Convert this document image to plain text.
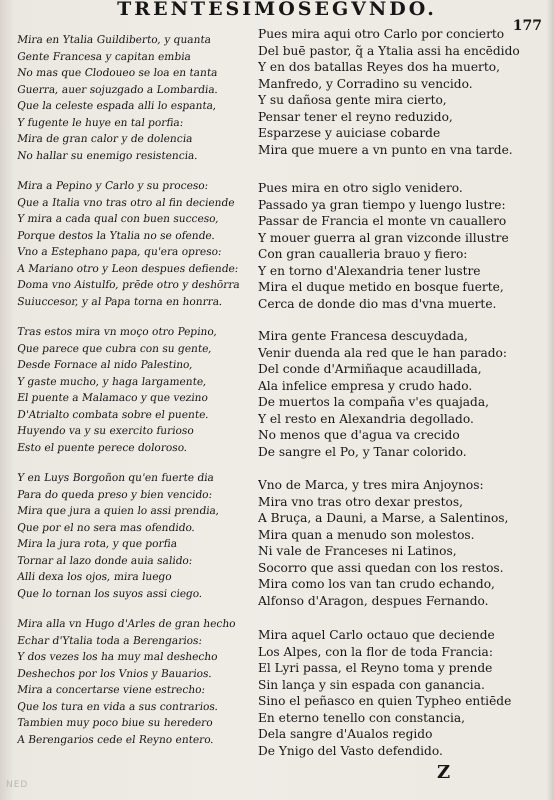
TRENTESIMOSEGVNDO.
177
Mira en Ytalia Guildiberto, y quanta
Gente Francesa y capitan embia
No mas que Clodoueo se loa en tanta
Guerra, auer sojuzgado a Lombardia.
Que la celeste espada alli lo espanta,
Y fugente le huye en tal porfia:
Mira de gran calor y de dolencia
No hallar su enemigo resistencia.
Mira a Pepino y Carlo y su proceso:
Que a Italia vno tras otro al fin deciende
Y mira a cada qual con buen succeso,
Porque destos la Ytalia no se ofende.
Vno a Estephano papa, qu'era opreso:
A Mariano otro y Leon despues defiende:
Doma vno Aistulfo, prēde otro y deshōrra
Suiuccesor, y al Papa torna en honrra.
Tras estos mira vn moço otro Pepino,
Que parece que cubra con su gente,
Desde Fornace al nido Palestino,
Y gaste mucho, y haga largamente,
El puente a Malamaco y que vezino
D'Atrialto combata sobre el puente.
Huyendo va y su exercito furioso
Esto el puente perece doloroso.
Y en Luys Borgoñon qu'en fuerte dia
Para do queda preso y bien vencido:
Mira que jura a quien lo assi prendia,
Que por el no sera mas ofendido.
Mira la jura rota, y que porfia
Tornar al lazo donde auia salido:
Alli dexa los ojos, mira luego
Que lo tornan los suyos assi ciego.
Mira alla vn Hugo d'Arles de gran hecho
Echar d'Ytalia toda a Berengarios:
Y dos vezes los ha muy mal deshecho
Deshechos por los Vnios y Bauarios.
Mira a concertarse viene estrecho:
Que los tura en vida a sus contrarios.
Tambien muy poco biue su heredero
A Berengarios cede el Reyno entero.
Pues mira aqui otro Carlo por concierto
Del buē pastor, q̃ a Ytalia assi ha encēdido
Y en dos batallas Reyes dos ha muerto,
Manfredo, y Corradino su vencido.
Y su dañosa gente mira cierto,
Pensar tener el reyno reduzido,
Esparzese y auiciase cobarde
Mira que muere a vn punto en vna tarde.
Pues mira en otro siglo venidero.
Passado ya gran tiempo y luengo lustre:
Passar de Francia el monte vn cauallero
Y mouer guerra al gran vizconde illustre
Con gran caualleria brauo y fiero:
Y en torno d'Alexandria tener lustre
Mira el duque metido en bosque fuerte,
Cerca de donde dio mas d'vna muerte.
Mira gente Francesa descuydada,
Venir duenda ala red que le han parado:
Del conde d'Armiñaque acaudillada,
Ala infelice empresa y crudo hado.
De muertos la compaña v'es quajada,
Y el resto en Alexandria degollado.
No menos que d'agua va crecido
De sangre el Po, y Tanar colorido.
Vno de Marca, y tres mira Anjoynos:
Mira vno tras otro dexar prestos,
A Bruça, a Dauni, a Marse, a Salentinos,
Mira quan a menudo son molestos.
Ni vale de Franceses ni Latinos,
Socorro que assi quedan con los restos.
Mira como los van tan crudo echando,
Alfonso d'Aragon, despues Fernando.
Mira aquel Carlo octauo que deciende
Los Alpes, con la flor de toda Francia:
El Lyri passa, el Reyno toma y prende
Sin lança y sin espada con ganancia.
Sino el peñasco en quien Typheo entiēde
En eterno tenello con constancia,
Dela sangre d'Aualos regido
De Ynigo del Vasto defendido.
Z
NED
